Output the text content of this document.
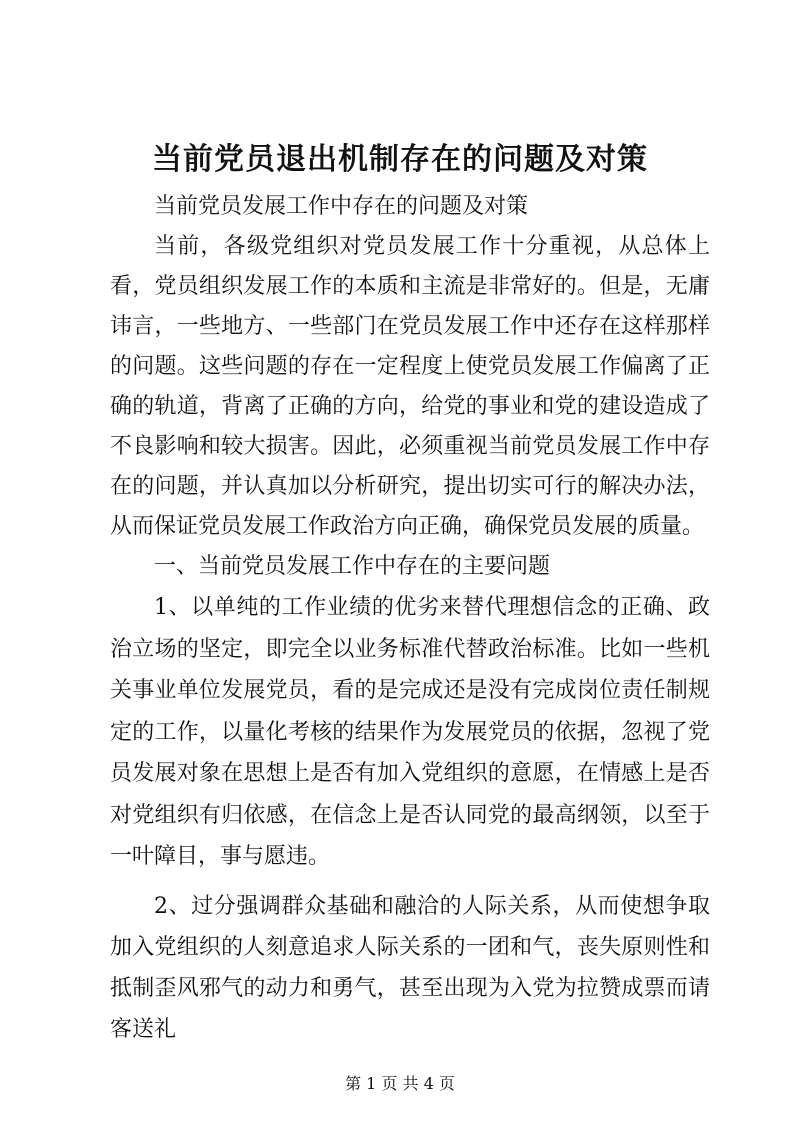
当前党员退出机制存在的问题及对策

当前党员发展工作中存在的问题及对策

当前，各级党组织对党员发展工作十分重视，从总体上看，党员组织发展工作的本质和主流是非常好的。但是，无庸讳言，一些地方、一些部门在党员发展工作中还存在这样那样的问题。这些问题的存在一定程度上使党员发展工作偏离了正确的轨道，背离了正确的方向，给党的事业和党的建设造成了不良影响和较大损害。因此，必须重视当前党员发展工作中存在的问题，并认真加以分析研究，提出切实可行的解决办法，从而保证党员发展工作政治方向正确，确保党员发展的质量。

一、当前党员发展工作中存在的主要问题

1、以单纯的工作业绩的优劣来替代理想信念的正确、政治立场的坚定，即完全以业务标准代替政治标准。比如一些机关事业单位发展党员，看的是完成还是没有完成岗位责任制规定的工作，以量化考核的结果作为发展党员的依据，忽视了党员发展对象在思想上是否有加入党组织的意愿，在情感上是否对党组织有归依感，在信念上是否认同党的最高纲领，以至于一叶障目，事与愿违。

2、过分强调群众基础和融洽的人际关系，从而使想争取加入党组织的人刻意追求人际关系的一团和气，丧失原则性和抵制歪风邪气的动力和勇气，甚至出现为入党为拉赞成票而请客送礼

第 1 页 共 4 页
